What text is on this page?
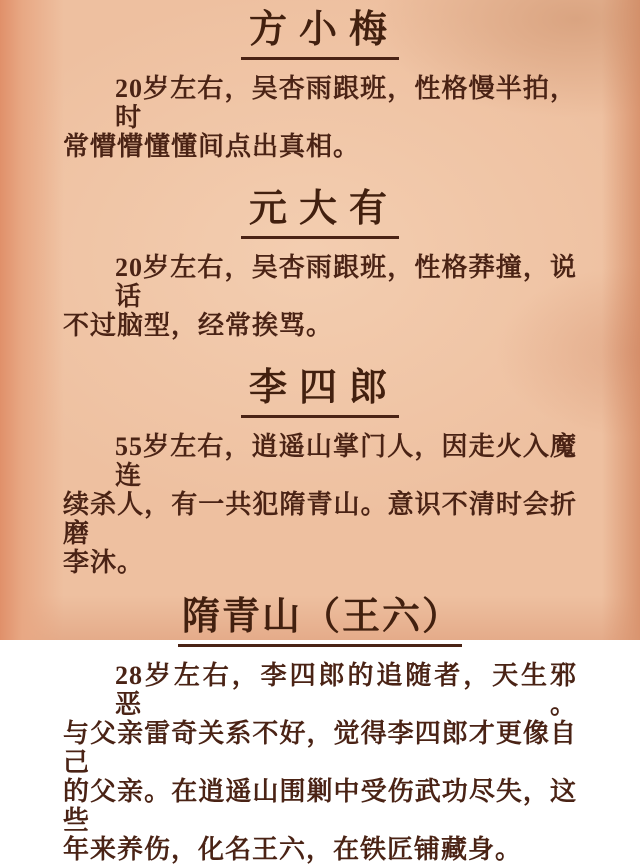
方小梅
20岁左右，吴杏雨跟班，性格慢半拍，时
常懵懵懂懂间点出真相。
元大有
20岁左右，吴杏雨跟班，性格莽撞，说话
不过脑型，经常挨骂。
李四郎
55岁左右，逍遥山掌门人，因走火入魔连
续杀人，有一共犯隋青山。意识不清时会折磨
李沐。
隋青山（王六）
28岁左右，李四郎的追随者，天生邪恶。
与父亲雷奇关系不好，觉得李四郎才更像自己
的父亲。在逍遥山围剿中受伤武功尽失，这些
年来养伤，化名王六，在铁匠铺藏身。
